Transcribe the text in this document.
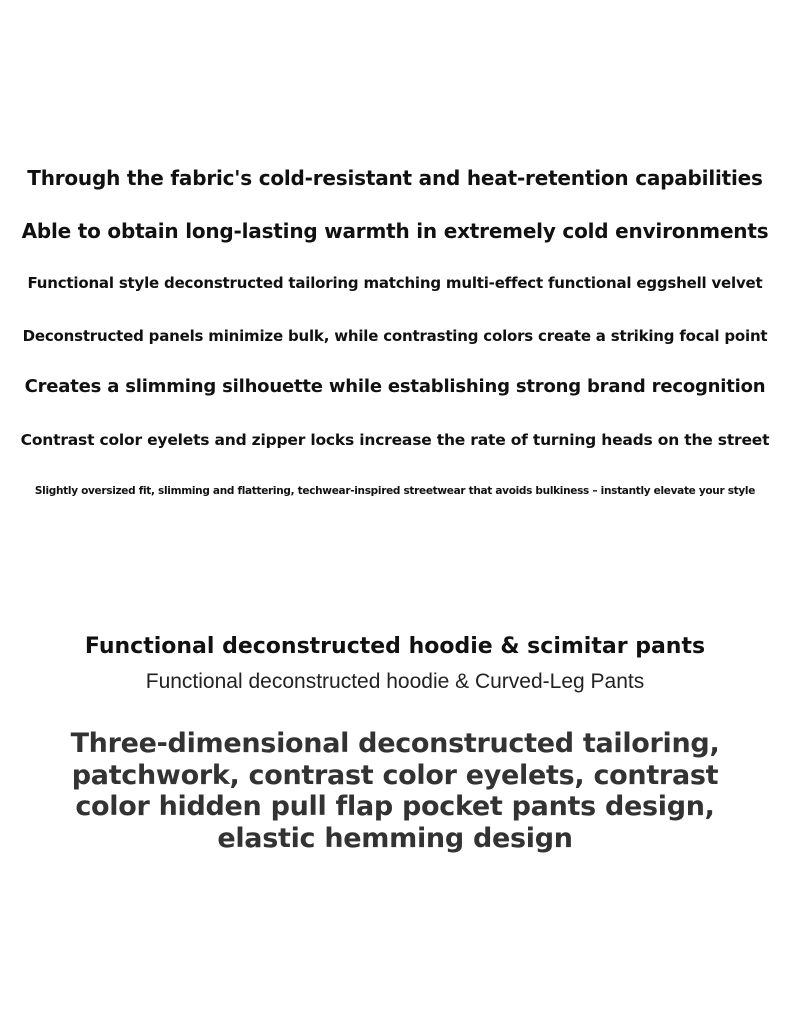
Through the fabric's cold-resistant and heat-retention capabilities
Able to obtain long-lasting warmth in extremely cold environments
Functional style deconstructed tailoring matching multi-effect functional eggshell velvet
Deconstructed panels minimize bulk, while contrasting colors create a striking focal point
Creates a slimming silhouette while establishing strong brand recognition
Contrast color eyelets and zipper locks increase the rate of turning heads on the street
Slightly oversized fit, slimming and flattering, techwear-inspired streetwear that avoids bulkiness – instantly elevate your style
Functional deconstructed hoodie & scimitar pants
Functional deconstructed hoodie & Curved-Leg Pants
Three-dimensional deconstructed tailoring, patchwork, contrast color eyelets, contrast color hidden pull flap pocket pants design, elastic hemming design
